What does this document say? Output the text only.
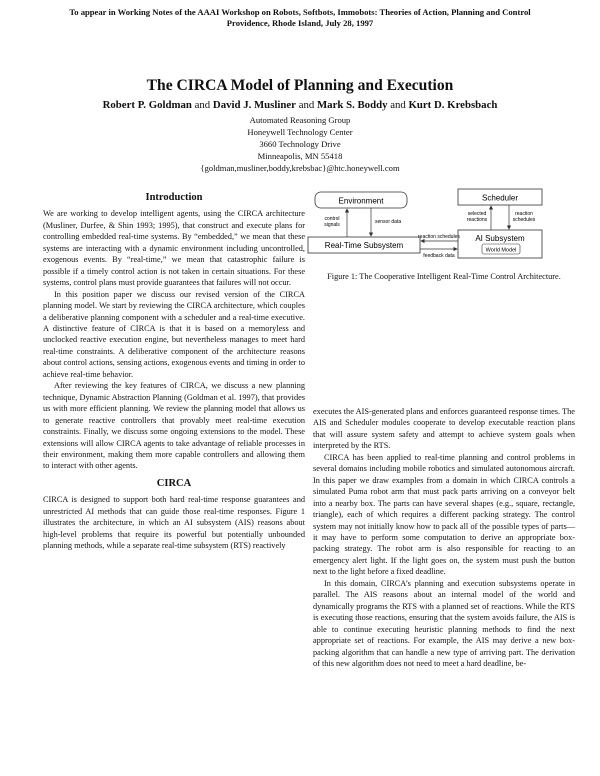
To appear in Working Notes of the AAAI Workshop on Robots, Softbots, Immobots: Theories of Action, Planning and Control
Providence, Rhode Island, July 28, 1997
The CIRCA Model of Planning and Execution
Robert P. Goldman and David J. Musliner and Mark S. Boddy and Kurt D. Krebsbach
Automated Reasoning Group
Honeywell Technology Center
3660 Technology Drive
Minneapolis, MN 55418
{goldman,musliner,boddy,krebsbac}@htc.honeywell.com
Introduction

We are working to develop intelligent agents, using the CIRCA architecture (Musliner, Durfee, & Shin 1993; 1995), that construct and execute plans for controlling embedded real-time systems. By “embedded,” we mean that these systems are interacting with a dynamic environment including uncontrolled, exogenous events. By “real-time,” we mean that catastrophic failure is possible if a timely control action is not taken in certain situations. For these systems, control plans must provide guarantees that failures will not occur.

In this position paper we discuss our revised version of the CIRCA planning model. We start by reviewing the CIRCA architecture, which couples a deliberative planning component with a scheduler and a real-time executive. A distinctive feature of CIRCA is that it is based on a memoryless and unclocked reactive execution engine, but nevertheless manages to meet hard real-time constraints. A deliberative component of the architecture reasons about control actions, sensing actions, exogenous events and timing in order to achieve real-time behavior.

After reviewing the key features of CIRCA, we discuss a new planning technique, Dynamic Abstraction Planning (Goldman et al. 1997), that provides us with more efficient planning. We review the planning model that allows us to generate reactive controllers that provably meet real-time execution constraints. Finally, we discuss some ongoing extensions to the model. These extensions will allow CIRCA agents to take advantage of reliable processes in their environment, making them more capable controllers and allowing them to interact with other agents.

CIRCA

CIRCA is designed to support both hard real-time response guarantees and unrestricted AI methods that can guide those real-time responses. Figure 1 illustrates the architecture, in which an AI subsystem (AIS) reasons about high-level problems that require its powerful but potentially unbounded planning methods, while a separate real-time subsystem (RTS) reactively

Environment	Scheduler
Real-Time Subsystem
AI Subsystem
World Model
control
signals	sensor data
selected
reactions
reaction
schedules
reaction schedules
feedback data
Figure 1: The Cooperative Intelligent Real-Time Control Architecture.

executes the AIS-generated plans and enforces guaranteed response times. The AIS and Scheduler modules cooperate to develop executable reaction plans that will assure system safety and attempt to achieve system goals when interpreted by the RTS.

CIRCA has been applied to real-time planning and control problems in several domains including mobile robotics and simulated autonomous aircraft. In this paper we draw examples from a domain in which CIRCA controls a simulated Puma robot arm that must pack parts arriving on a conveyor belt into a nearby box. The parts can have several shapes (e.g., square, rectangle, triangle), each of which requires a different packing strategy. The control system may not initially know how to pack all of the possible types of parts— it may have to perform some computation to derive an appropriate box-packing strategy. The robot arm is also responsible for reacting to an emergency alert light. If the light goes on, the system must push the button next to the light before a fixed deadline.

In this domain, CIRCA’s planning and execution subsystems operate in parallel. The AIS reasons about an internal model of the world and dynamically programs the RTS with a planned set of reactions. While the RTS is executing those reactions, ensuring that the system avoids failure, the AIS is able to continue executing heuristic planning methods to find the next appropriate set of reactions. For example, the AIS may derive a new box-packing algorithm that can handle a new type of arriving part. The derivation of this new algorithm does not need to meet a hard deadline, be-
